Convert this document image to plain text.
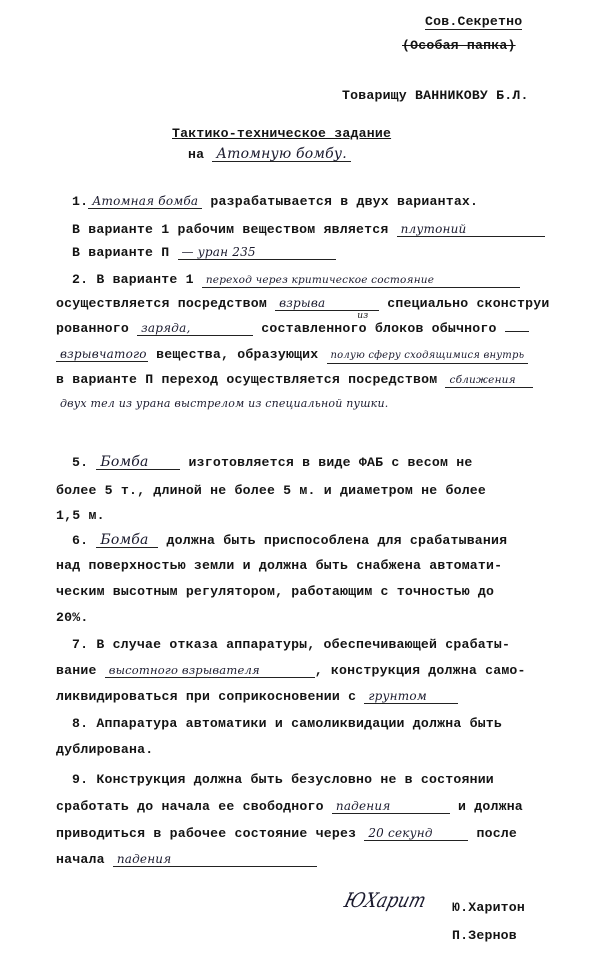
Сов.Секретно
(Особая папка)
Товарищу ВАННИКОВУ Б.Л.
Тактико-техническое задание
на Атомную бомбу.
1. Атомная бомба разрабатывается в двух вариантах.
В варианте 1 рабочим веществом является плутоний
В варианте П — уран 235
2. В варианте 1 переход через критическое состояние
осуществляется посредством взрыва	специально сконструи
рованного заряда,
из
составленного блоков обычного
взрывчатого вещества, образующих полую сферу сходящимися внутрь
в варианте П переход осуществляется посредством сближения
двух тел из урана выстрелом из специальной пушки.
5. Бомба	изготовляется в виде ФАБ с весом не
более 5 т., длиной не более 5 м. и диаметром не более
1,5 м.
6. Бомба должна быть приспособлена для срабатывания
над поверхностью земли и должна быть снабжена автомати-
ческим высотным регулятором, работающим с точностью до
20%.
7. В случае отказа аппаратуры, обеспечивающей срабаты-
вание высотного взрывателя	, конструкция должна само-
ликвидироваться при соприкосновении с грунтом
8. Аппаратура автоматики и самоликвидации должна быть
дублирована.
9. Конструкция должна быть безусловно не в состоянии
сработать до начала ее свободного падения	и должна
приводиться в рабочее состояние через 20 секунд	после
начала падения
ЮХарит Ю.Харитон
П.Зернов
